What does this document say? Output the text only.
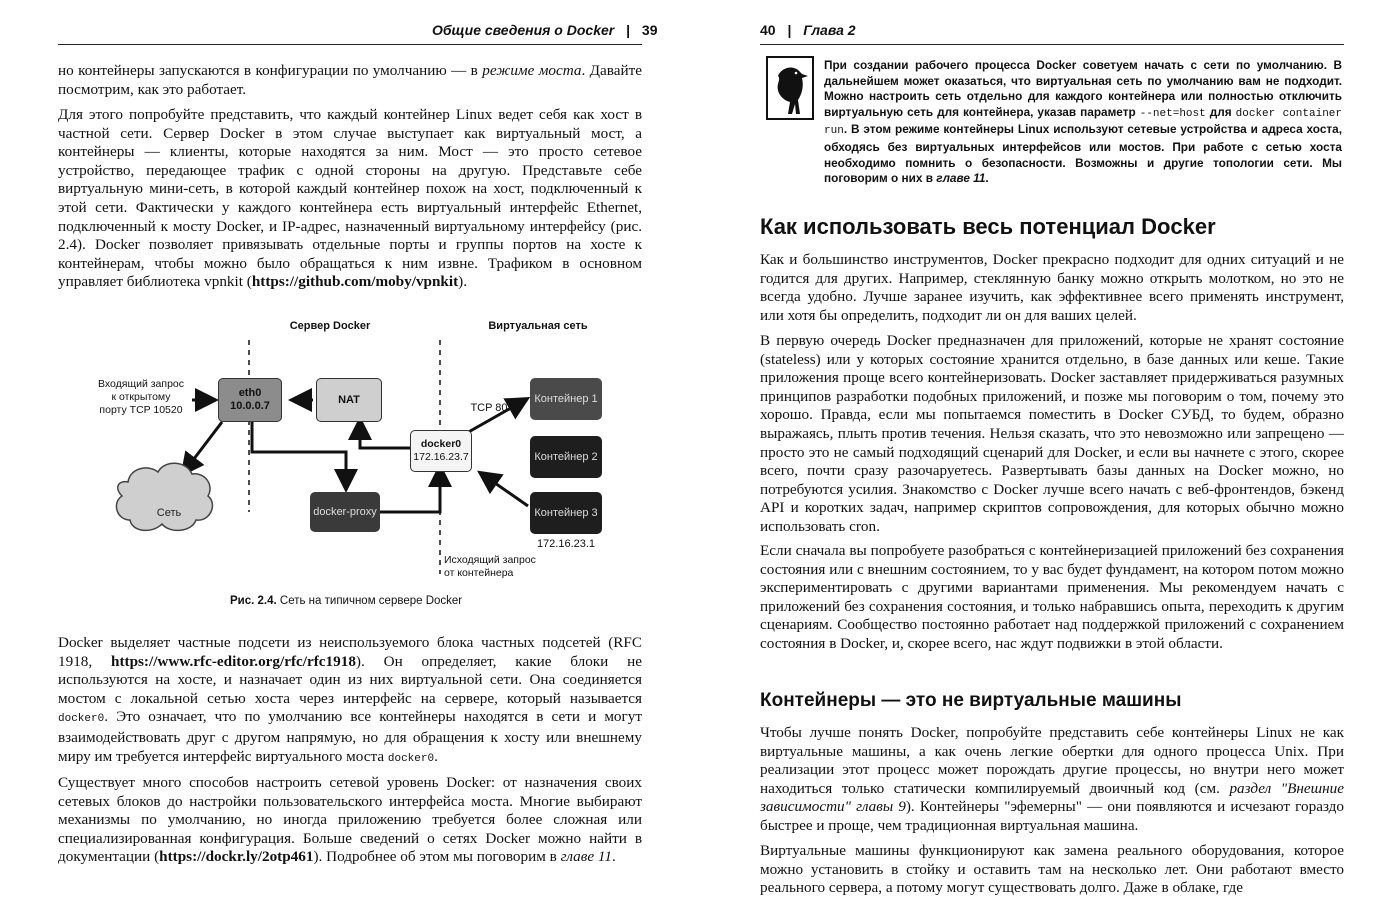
Общие сведения о Docker | 39

но контейнеры запускаются в конфигурации по умолчанию — в режиме моста. Давайте посмотрим, как это работает.

Для этого попробуйте представить, что каждый контейнер Linux ведет себя как хост в частной сети. Сервер Docker в этом случае выступает как виртуальный мост, а контейнеры — клиенты, которые находятся за ним. Мост — это просто сетевое устройство, передающее трафик с одной стороны на другую. Представьте себе виртуальную мини-сеть, в которой каждый контейнер похож на хост, подключенный к этой сети. Фактически у каждого контейнера есть виртуальный интерфейс Ethernet, подключенный к мосту Docker, и IP-адрес, назначенный виртуальному интерфейсу (рис. 2.4). Docker позволяет привязывать отдельные порты и группы портов на хосте к контейнерам, чтобы можно было обращаться к ним извне. Трафиком в основном управляет библиотека vpnkit (https://github.com/moby/vpnkit).

Сервер Docker	Виртуальная сеть
Входящий запрос
к открытому
порту TCP 10520
eth0
10.0.0.7
NAT
TCP 80
docker0
172.16.23.7
Контейнер 1
Контейнер 2
Контейнер 3
172.16.23.1
Сеть	docker-proxy
Исходящий запрос
от контейнера
Рис. 2.4. Сеть на типичном сервере Docker

Docker выделяет частные подсети из неиспользуемого блока частных подсетей (RFC 1918, https://www.rfc-editor.org/rfc/rfc1918). Он определяет, какие блоки не используются на хосте, и назначает один из них виртуальной сети. Она соединяется мостом с локальной сетью хоста через интерфейс на сервере, который называется docker0. Это означает, что по умолчанию все контейнеры находятся в сети и могут взаимодействовать друг с другом напрямую, но для обращения к хосту или внешнему миру им требуется интерфейс виртуального моста docker0.

Существует много способов настроить сетевой уровень Docker: от назначения своих сетевых блоков до настройки пользовательского интерфейса моста. Многие выбирают механизмы по умолчанию, но иногда приложению требуется более сложная или специализированная конфигурация. Больше сведений о сетях Docker можно найти в документации (https://dockr.ly/2otp461). Подробнее об этом мы поговорим в главе 11.

40 | Глава 2

При создании рабочего процесса Docker советуем начать с сети по умолчанию. В дальнейшем может оказаться, что виртуальная сеть по умолчанию вам не подходит. Можно настроить сеть отдельно для каждого контейнера или полностью отключить виртуальную сеть для контейнера, указав параметр --net=host для docker container run. В этом режиме контейнеры Linux используют сетевые устройства и адреса хоста, обходясь без виртуальных интерфейсов или мостов. При работе с сетью хоста необходимо помнить о безопасности. Возможны и другие топологии сети. Мы поговорим о них в главе 11.

Как использовать весь потенциал Docker

Как и большинство инструментов, Docker прекрасно подходит для одних ситуаций и не годится для других. Например, стеклянную банку можно открыть молотком, но это не всегда удобно. Лучше заранее изучить, как эффективнее всего применять инструмент, или хотя бы определить, подходит ли он для ваших целей.

В первую очередь Docker предназначен для приложений, которые не хранят состояние (stateless) или у которых состояние хранится отдельно, в базе данных или кеше. Такие приложения проще всего контейнеризовать. Docker заставляет придерживаться разумных принципов разработки подобных приложений, и позже мы поговорим о том, почему это хорошо. Правда, если мы попытаемся поместить в Docker СУБД, то будем, образно выражаясь, плыть против течения. Нельзя сказать, что это невозможно или запрещено — просто это не самый подходящий сценарий для Docker, и если вы начнете с этого, скорее всего, почти сразу разочаруетесь. Развертывать базы данных на Docker можно, но потребуются усилия. Знакомство с Docker лучше всего начать с веб-фронтендов, бэкенд API и коротких задач, например скриптов сопровождения, для которых обычно можно использовать cron.

Если сначала вы попробуете разобраться с контейнеризацией приложений без сохранения состояния или с внешним состоянием, то у вас будет фундамент, на котором потом можно экспериментировать с другими вариантами применения. Мы рекомендуем начать с приложений без сохранения состояния, и только набравшись опыта, переходить к другим сценариям. Сообщество постоянно работает над поддержкой приложений с сохранением состояния в Docker, и, скорее всего, нас ждут подвижки в этой области.

Контейнеры — это не виртуальные машины

Чтобы лучше понять Docker, попробуйте представить себе контейнеры Linux не как виртуальные машины, а как очень легкие обертки для одного процесса Unix. При реализации этот процесс может порождать другие процессы, но внутри него может находиться только статически компилируемый двоичный код (см. раздел "Внешние зависимости" главы 9). Контейнеры "эфемерны" — они появляются и исчезают гораздо быстрее и проще, чем традиционная виртуальная машина.

Виртуальные машины функционируют как замена реального оборудования, которое можно установить в стойку и оставить там на несколько лет. Они работают вместо реального сервера, а потому могут существовать долго. Даже в облаке, где
